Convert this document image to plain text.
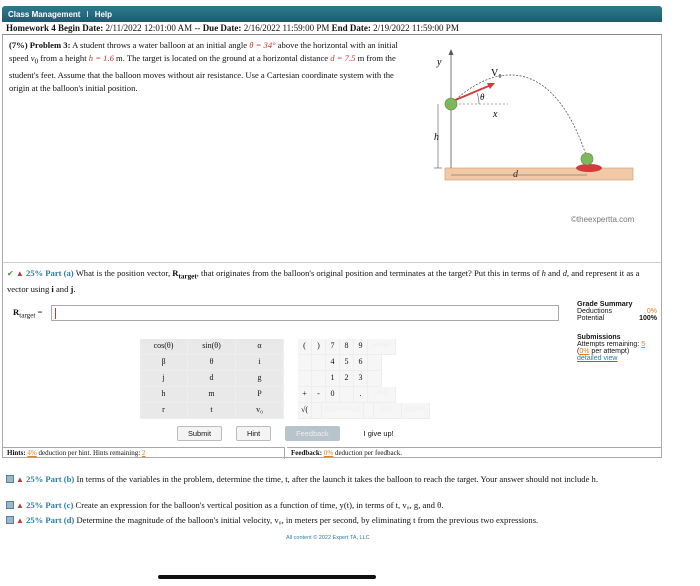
Class Management I Help
Homework 4 Begin Date: 2/11/2022 12:01:00 AM -- Due Date: 2/16/2022 11:59:00 PM End Date: 2/19/2022 11:59:00 PM
(7%) Problem 3: A student throws a water balloon at an initial angle θ = 34° above the horizontal with an initial speed $v_0$ from a height h = 1.6 m. The target is located on the ground at a horizontal distance d = 7.5 m from the student's feet. Assume that the balloon moves without air resistance. Use a Cartesian coordinate system with the origin at the balloon's initial position.
y
x
h
d
V₀
θ
©theexpertta.com
✔ ▲ 25% Part (a) What is the position vector, $R_{target}$, that originates from the balloon's original position and terminates at the target? Put this in terms of h and d, and represent it as a vector using i and j.
$R_{target}$ =
Grade Summary
Deductions	0%
Potential	100%
Submissions
Attempts remaining: 5
(0% per attempt)
detailed view
cos(θ)	sin(θ)	α	(	)	7	8	9	HOME
β	θ	i	↑	^	4	5	6	←
j	d	g	/	*	1	2	3	→
h	m	P	+	-	0	.	END
r	t	v₀	√(	BACKSPACE	DEL	CLEAR
Submit	Hint	Feedback	I give up!
Hints: 4% deduction per hint. Hints remaining: 2	Feedback: 0% deduction per feedback.
▲ 25% Part (b) In terms of the variables in the problem, determine the time, t, after the launch it takes the balloon to reach the target. Your answer should not include h.
▲ 25% Part (c) Create an expression for the balloon's vertical position as a function of time, y(t), in terms of t, v₀, g, and θ.
▲ 25% Part (d) Determine the magnitude of the balloon's initial velocity, v₀, in meters per second, by eliminating t from the previous two expressions.
All content © 2022 Expert TA, LLC
